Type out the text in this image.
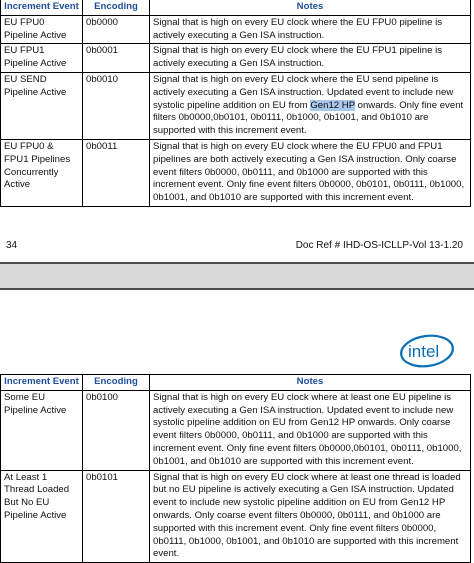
Increment Event	Encoding	Notes
EU FPU0 Pipeline Active	0b0000	Signal that is high on every EU clock where the EU FPU0 pipeline is actively executing a Gen ISA instruction.
EU FPU1 Pipeline Active	0b0001	Signal that is high on every EU clock where the EU FPU1 pipeline is actively executing a Gen ISA instruction.
EU SEND Pipeline Active	0b0010	Signal that is high on every EU clock where the EU send pipeline is actively executing a Gen ISA instruction. Updated event to include new systolic pipeline addition on EU from Gen12 HP onwards. Only fine event filters 0b0000,0b0101, 0b0111, 0b1000, 0b1001, and 0b1010 are supported with this increment event.
EU FPU0 & FPU1 Pipelines Concurrently Active	0b0011	Signal that is high on every EU clock where the EU FPU0 and FPU1 pipelines are both actively executing a Gen ISA instruction. Only coarse event filters 0b0000, 0b0111, and 0b1000 are supported with this increment event. Only fine event filters 0b0000, 0b0101, 0b0111, 0b1000, 0b1001, and 0b1010 are supported with this increment event.
34	Doc Ref # IHD-OS-ICLLP-Vol 13-1.20
intel
Increment Event	Encoding	Notes
Some EU Pipeline Active	0b0100	Signal that is high on every EU clock where at least one EU pipeline is actively executing a Gen ISA instruction. Updated event to include new systolic pipeline addition on EU from Gen12 HP onwards. Only coarse event filters 0b0000, 0b0111, and 0b1000 are supported with this increment event. Only fine event filters 0b0000,0b0101, 0b0111, 0b1000, 0b1001, and 0b1010 are supported with this increment event.
At Least 1 Thread Loaded But No EU Pipeline Active	0b0101	Signal that is high on every EU clock where at least one thread is loaded but no EU pipeline is actively executing a Gen ISA instruction. Updated event to include new systolic pipeline addition on EU from Gen12 HP onwards. Only coarse event filters 0b0000, 0b0111, and 0b1000 are supported with this increment event. Only fine event filters 0b0000, 0b0111, 0b1000, 0b1001, and 0b1010 are supported with this increment event.
